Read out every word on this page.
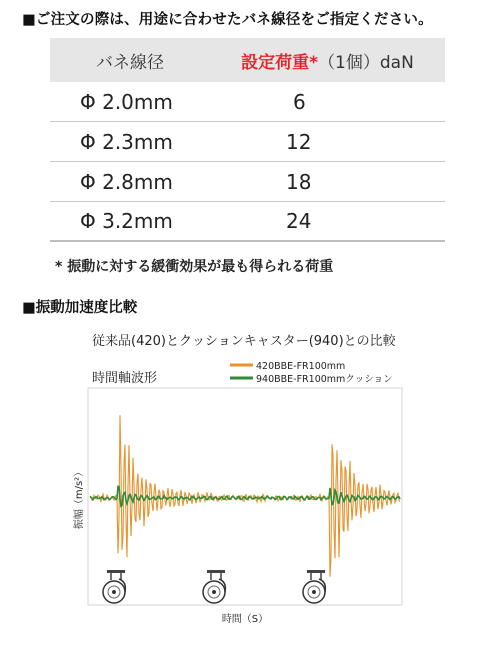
■ご注文の際は、用途に合わせたバネ線径をご指定ください。
バネ線径	設定荷重*（1個）daN
Φ 2.0mm	6
Φ 2.3mm	12
Φ 2.8mm	18
Φ 3.2mm	24
* 振動に対する緩衝効果が最も得られる荷重
■振動加速度比較
従来品(420)とクッションキャスター(940)との比較
時間軸波形
420BBE-FR100mm
940BBE-FR100mmクッション
振幅（m/s²）
時間（S）
